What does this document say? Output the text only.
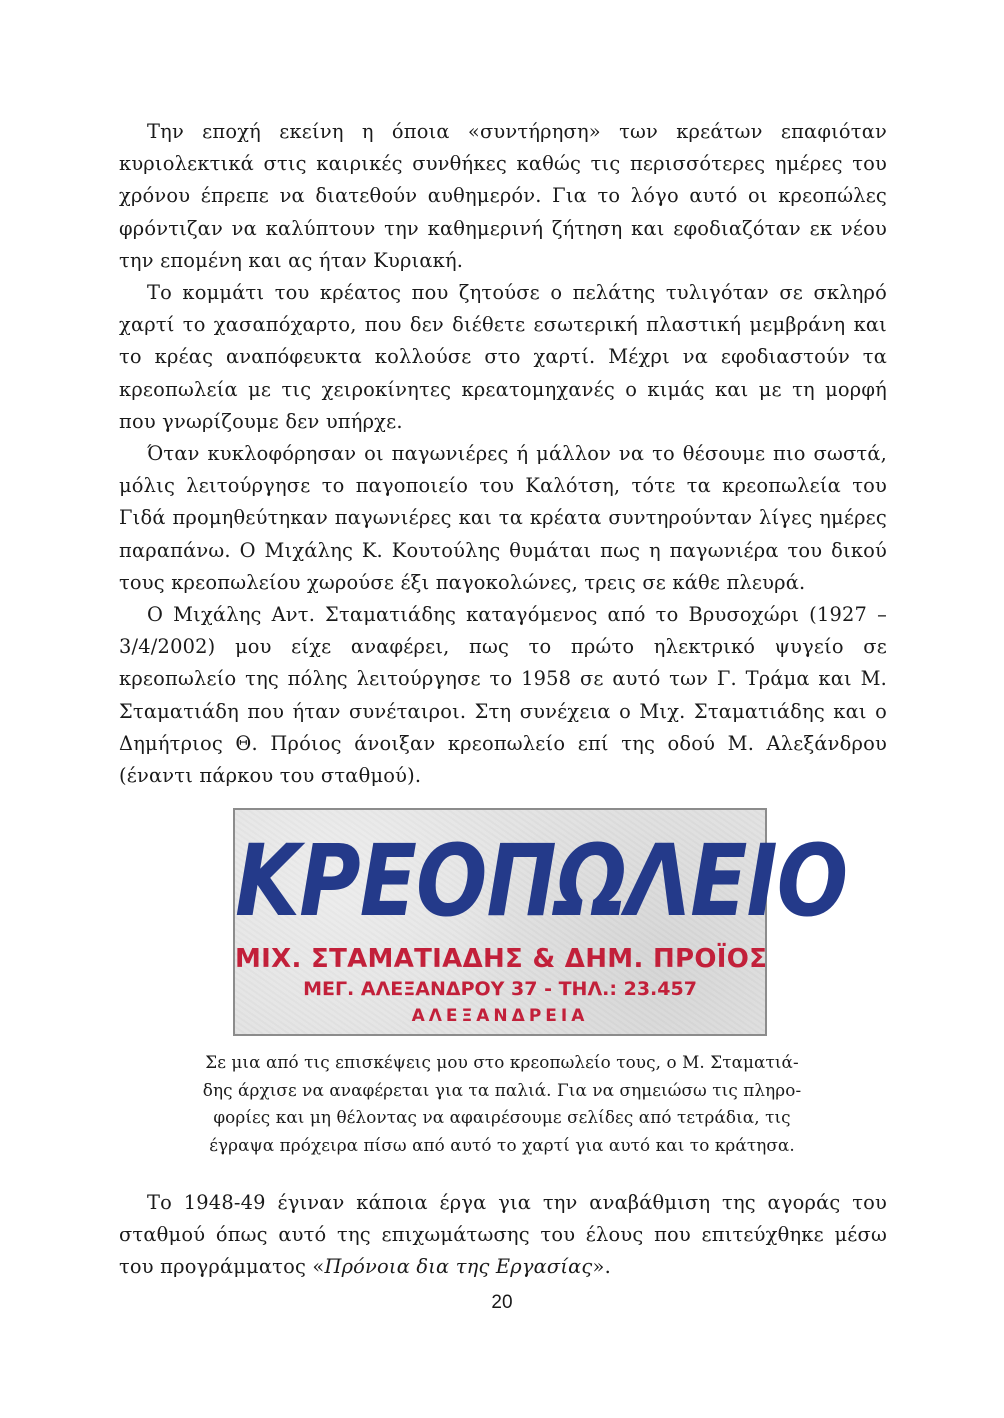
Την εποχή εκείνη η όποια «συντήρηση» των κρεάτων επαφιόταν κυριολεκτικά στις καιρικές συνθήκες καθώς τις περισσότερες ημέρες του χρόνου έπρεπε να διατεθούν αυθημερόν. Για το λόγο αυτό οι κρεοπώλες φρόντιζαν να καλύπτουν την καθημερινή ζήτηση και εφοδιαζόταν εκ νέου την επομένη και ας ήταν Κυριακή.

Το κομμάτι του κρέατος που ζητούσε ο πελάτης τυλιγόταν σε σκληρό χαρτί το χασαπόχαρτο, που δεν διέθετε εσωτερική πλαστική μεμβράνη και το κρέας αναπόφευκτα κολλούσε στο χαρτί. Μέχρι να εφοδιαστούν τα κρεοπωλεία με τις χειροκίνητες κρεατομηχανές ο κιμάς και με τη μορφή που γνωρίζουμε δεν υπήρχε.

Όταν κυκλοφόρησαν οι παγωνιέρες ή μάλλον να το θέσουμε πιο σωστά, μόλις λειτούργησε το παγοποιείο του Καλότση, τότε τα κρεοπωλεία του Γιδά προμηθεύτηκαν παγωνιέρες και τα κρέατα συντηρούνταν λίγες ημέρες παραπάνω. Ο Μιχάλης Κ. Κουτούλης θυμάται πως η παγωνιέρα του δικού τους κρεοπωλείου χωρούσε έξι παγοκολώνες, τρεις σε κάθε πλευρά.

Ο Μιχάλης Αντ. Σταματιάδης καταγόμενος από το Βρυσοχώρι (1927 – 3/4/2002) μου είχε αναφέρει, πως το πρώτο ηλεκτρικό ψυγείο σε κρεοπωλείο της πόλης λειτούργησε το 1958 σε αυτό των Γ. Τράμα και Μ. Σταματιάδη που ήταν συνέταιροι. Στη συνέχεια ο Μιχ. Σταματιάδης και ο Δημήτριος Θ. Πρόιος άνοιξαν κρεοπωλείο επί της οδού Μ. Αλεξάνδρου (έναντι πάρκου του σταθμού).

ΚΡΕΟΠΩΛΕΙΟ
ΜΙΧ. ΣΤΑΜΑΤΙΑΔΗΣ & ΔΗΜ. ΠΡΟΪΟΣ
ΜΕΓ. ΑΛΕΞΑΝΔΡΟΥ 37 - ΤΗΛ.: 23.457
ΑΛΕΞΑΝΔΡΕΙΑ
Σε μια από τις επισκέψεις μου στο κρεοπωλείο τους, ο Μ. Σταματιά-
δης άρχισε να αναφέρεται για τα παλιά. Για να σημειώσω τις πληρο-
φορίες και μη θέλοντας να αφαιρέσουμε σελίδες από τετράδια, τις
έγραψα πρόχειρα πίσω από αυτό το χαρτί για αυτό και το κράτησα.

Το 1948-49 έγιναν κάποια έργα για την αναβάθμιση της αγοράς του σταθμού όπως αυτό της επιχωμάτωσης του έλους που επιτεύχθηκε μέσω του προγράμματος «Πρόνοια δια της Εργασίας».

20
